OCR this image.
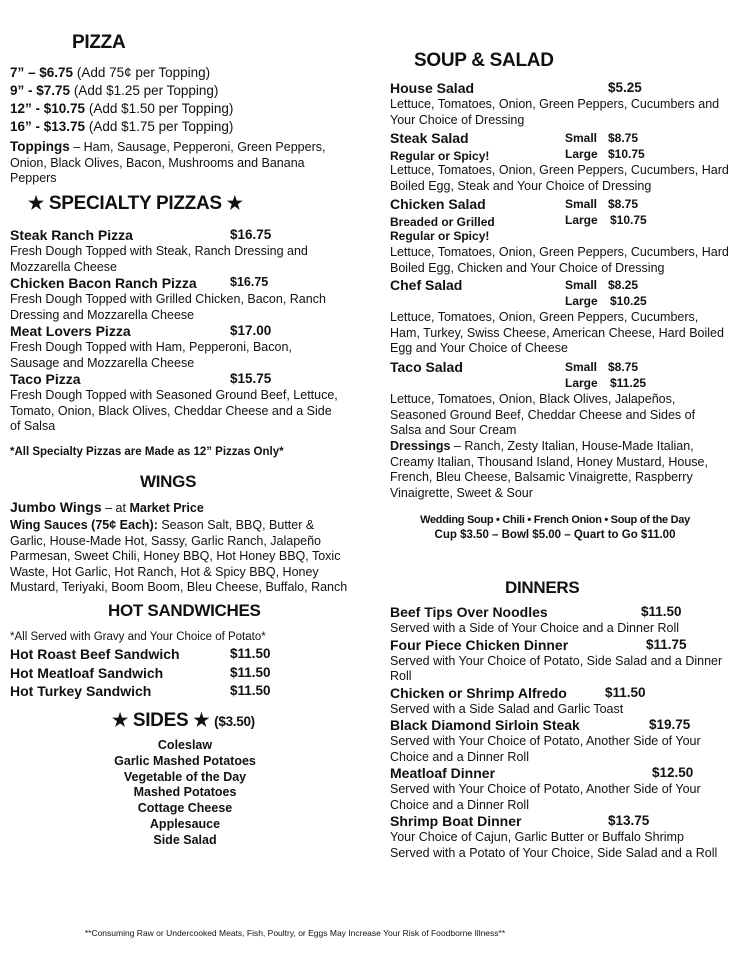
PIZZA
7” – $6.75 (Add 75¢ per Topping)
9” - $7.75 (Add $1.25 per Topping)
12” - $10.75 (Add $1.50 per Topping)
16” - $13.75 (Add $1.75 per Topping)
Toppings – Ham, Sausage, Pepperoni, Green Peppers, Onion, Black Olives, Bacon, Mushrooms and Banana Peppers
★ SPECIALTY PIZZAS ★
Steak Ranch Pizza	$16.75
Fresh Dough Topped with Steak, Ranch Dressing and Mozzarella Cheese
Chicken Bacon Ranch Pizza	$16.75
Fresh Dough Topped with Grilled Chicken, Bacon, Ranch Dressing and Mozzarella Cheese
Meat Lovers Pizza	$17.00
Fresh Dough Topped with Ham, Pepperoni, Bacon, Sausage and Mozzarella Cheese
Taco Pizza	$15.75
Fresh Dough Topped with Seasoned Ground Beef, Lettuce, Tomato, Onion, Black Olives, Cheddar Cheese and a Side of Salsa
*All Specialty Pizzas are Made as 12” Pizzas Only*
WINGS
Jumbo Wings – at Market Price
Wing Sauces (75¢ Each): Season Salt, BBQ, Butter & Garlic, House-Made Hot, Sassy, Garlic Ranch, Jalapeño Parmesan, Sweet Chili, Honey BBQ, Hot Honey BBQ, Toxic Waste, Hot Garlic, Hot Ranch, Hot & Spicy BBQ, Honey Mustard, Teriyaki, Boom Boom, Bleu Cheese, Buffalo, Ranch
HOT SANDWICHES
*All Served with Gravy and Your Choice of Potato*
Hot Roast Beef Sandwich	$11.50
Hot Meatloaf Sandwich	$11.50
Hot Turkey Sandwich	$11.50
★ SIDES ★ ($3.50)
Coleslaw
Garlic Mashed Potatoes
Vegetable of the Day
Mashed Potatoes
Cottage Cheese
Applesauce
Side Salad
SOUP & SALAD
House Salad	$5.25
Lettuce, Tomatoes, Onion, Green Peppers, Cucumbers and Your Choice of Dressing
Steak Salad	Small $8.75
Regular or Spicy!	Large $10.75
Lettuce, Tomatoes, Onion, Green Peppers, Cucumbers, Hard Boiled Egg, Steak and Your Choice of Dressing
Chicken Salad	Small $8.75
Breaded or Grilled	Large $10.75
Regular or Spicy!
Lettuce, Tomatoes, Onion, Green Peppers, Cucumbers, Hard Boiled Egg, Chicken and Your Choice of Dressing
Chef Salad	Small $8.25
Large $10.25
Lettuce, Tomatoes, Onion, Green Peppers, Cucumbers, Ham, Turkey, Swiss Cheese, American Cheese, Hard Boiled Egg and Your Choice of Cheese
Taco Salad	Small $8.75
Large $11.25
Lettuce, Tomatoes, Onion, Black Olives, Jalapeños, Seasoned Ground Beef, Cheddar Cheese and Sides of Salsa and Sour Cream
Dressings – Ranch, Zesty Italian, House-Made Italian, Creamy Italian, Thousand Island, Honey Mustard, House, French, Bleu Cheese, Balsamic Vinaigrette, Raspberry Vinaigrette, Sweet & Sour
Wedding Soup • Chili • French Onion • Soup of the Day
Cup $3.50 – Bowl $5.00 – Quart to Go $11.00
DINNERS
Beef Tips Over Noodles	$11.50
Served with a Side of Your Choice and a Dinner Roll
Four Piece Chicken Dinner	$11.75
Served with Your Choice of Potato, Side Salad and a Dinner Roll
Chicken or Shrimp Alfredo	$11.50
Served with a Side Salad and Garlic Toast
Black Diamond Sirloin Steak	$19.75
Served with Your Choice of Potato, Another Side of Your Choice and a Dinner Roll
Meatloaf Dinner	$12.50
Served with Your Choice of Potato, Another Side of Your Choice and a Dinner Roll
Shrimp Boat Dinner	$13.75
Your Choice of Cajun, Garlic Butter or Buffalo Shrimp Served with a Potato of Your Choice, Side Salad and a Roll
**Consuming Raw or Undercooked Meats, Fish, Poultry, or Eggs May Increase Your Risk of Foodborne Illness**
